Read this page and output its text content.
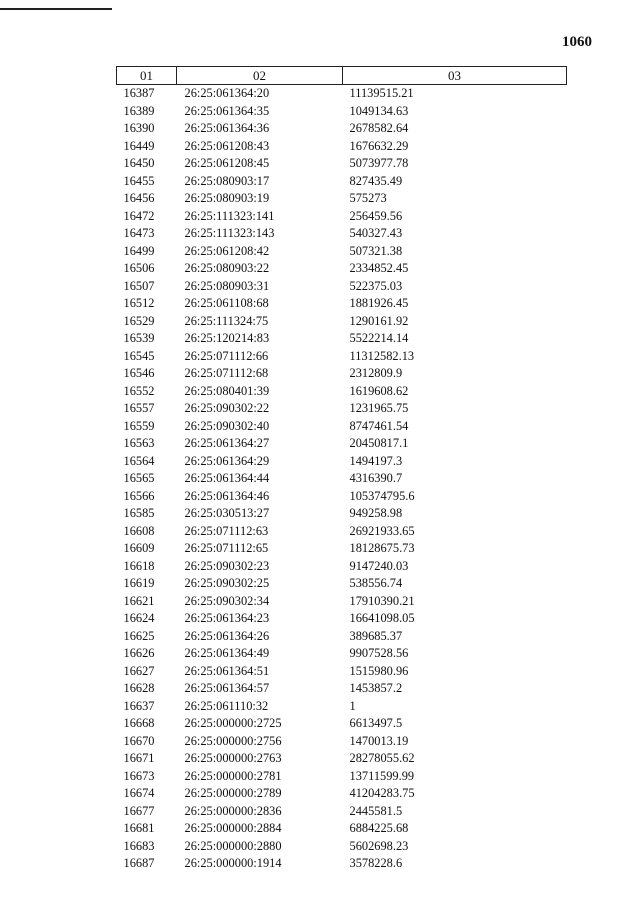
1060
01	02	03
16387	26:25:061364:20	11139515.21
16389	26:25:061364:35	1049134.63
16390	26:25:061364:36	2678582.64
16449	26:25:061208:43	1676632.29
16450	26:25:061208:45	5073977.78
16455	26:25:080903:17	827435.49
16456	26:25:080903:19	575273
16472	26:25:111323:141	256459.56
16473	26:25:111323:143	540327.43
16499	26:25:061208:42	507321.38
16506	26:25:080903:22	2334852.45
16507	26:25:080903:31	522375.03
16512	26:25:061108:68	1881926.45
16529	26:25:111324:75	1290161.92
16539	26:25:120214:83	5522214.14
16545	26:25:071112:66	11312582.13
16546	26:25:071112:68	2312809.9
16552	26:25:080401:39	1619608.62
16557	26:25:090302:22	1231965.75
16559	26:25:090302:40	8747461.54
16563	26:25:061364:27	20450817.1
16564	26:25:061364:29	1494197.3
16565	26:25:061364:44	4316390.7
16566	26:25:061364:46	105374795.6
16585	26:25:030513:27	949258.98
16608	26:25:071112:63	26921933.65
16609	26:25:071112:65	18128675.73
16618	26:25:090302:23	9147240.03
16619	26:25:090302:25	538556.74
16621	26:25:090302:34	17910390.21
16624	26:25:061364:23	16641098.05
16625	26:25:061364:26	389685.37
16626	26:25:061364:49	9907528.56
16627	26:25:061364:51	1515980.96
16628	26:25:061364:57	1453857.2
16637	26:25:061110:32	1
16668	26:25:000000:2725	6613497.5
16670	26:25:000000:2756	1470013.19
16671	26:25:000000:2763	28278055.62
16673	26:25:000000:2781	13711599.99
16674	26:25:000000:2789	41204283.75
16677	26:25:000000:2836	2445581.5
16681	26:25:000000:2884	6884225.68
16683	26:25:000000:2880	5602698.23
16687	26:25:000000:1914	3578228.6
